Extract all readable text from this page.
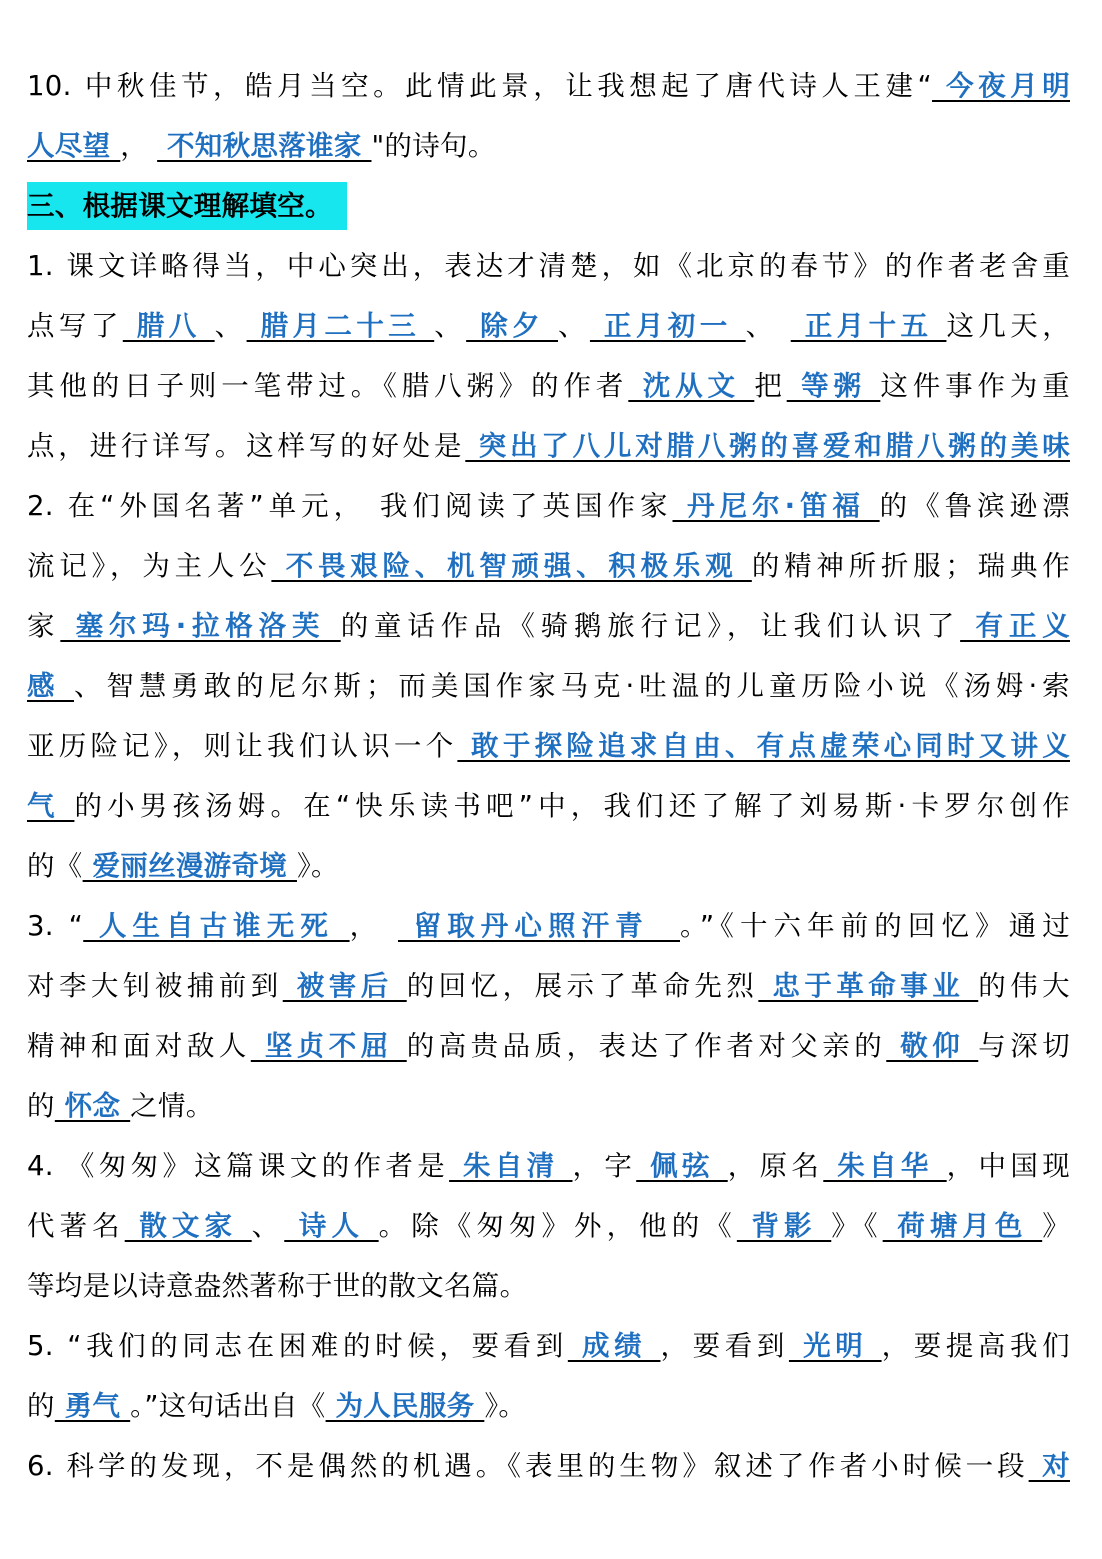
10. 中秋佳节，皓月当空。此情此景，让我想起了唐代诗人王建“ 今夜月明
人尽望 ，  不知秋思落谁家 "的诗句。
三、根据课文理解填空。
1. 课文详略得当，中心突出，表达才清楚，如《北京的春节》的作者老舍重
点写了 腊八 、 腊月二十三 、 除夕 、 正月初一 、  正月十五 这几天，
其他的日子则一笔带过。《腊八粥》的作者 沈从文 把 等粥 这件事作为重
点，进行详写。这样写的好处是 突出了八儿对腊八粥的喜爱和腊八粥的美味
2. 在“外国名著”单元， 我们阅读了英国作家 丹尼尔·笛福 的《鲁滨逊漂
流记》，为主人公 不畏艰险、机智顽强、积极乐观 的精神所折服；瑞典作
家 塞尔玛·拉格洛芙 的童话作品《骑鹅旅行记》，让我们认识了 有正义
感 、智慧勇敢的尼尔斯；而美国作家马克·吐温的儿童历险小说《汤姆·索
亚历险记》，则让我们认识一个 敢于探险追求自由、有点虚荣心同时又讲义
气 的小男孩汤姆。在“快乐读书吧”中，我们还了解了刘易斯·卡罗尔创作
的《 爱丽丝漫游奇境 》。
3. “ 人生自古谁无死 ，  留取丹心照汗青  。”《十六年前的回忆》通过
对李大钊被捕前到 被害后 的回忆，展示了革命先烈 忠于革命事业 的伟大
精神和面对敌人 坚贞不屈 的高贵品质，表达了作者对父亲的 敬仰 与深切
的 怀念 之情。
4. 《匆匆》这篇课文的作者是 朱自清 ，字 佩弦 ，原名 朱自华 ，中国现
代著名 散文家 、 诗人 。除《匆匆》外，他的《 背影 》《 荷塘月色 》
等均是以诗意盎然著称于世的散文名篇。
5. “我们的同志在困难的时候，要看到 成绩 ，要看到 光明 ，要提高我们
的 勇气 。”这句话出自《 为人民服务 》。
6. 科学的发现，不是偶然的机遇。《表里的生物》叙述了作者小时候一段 对
